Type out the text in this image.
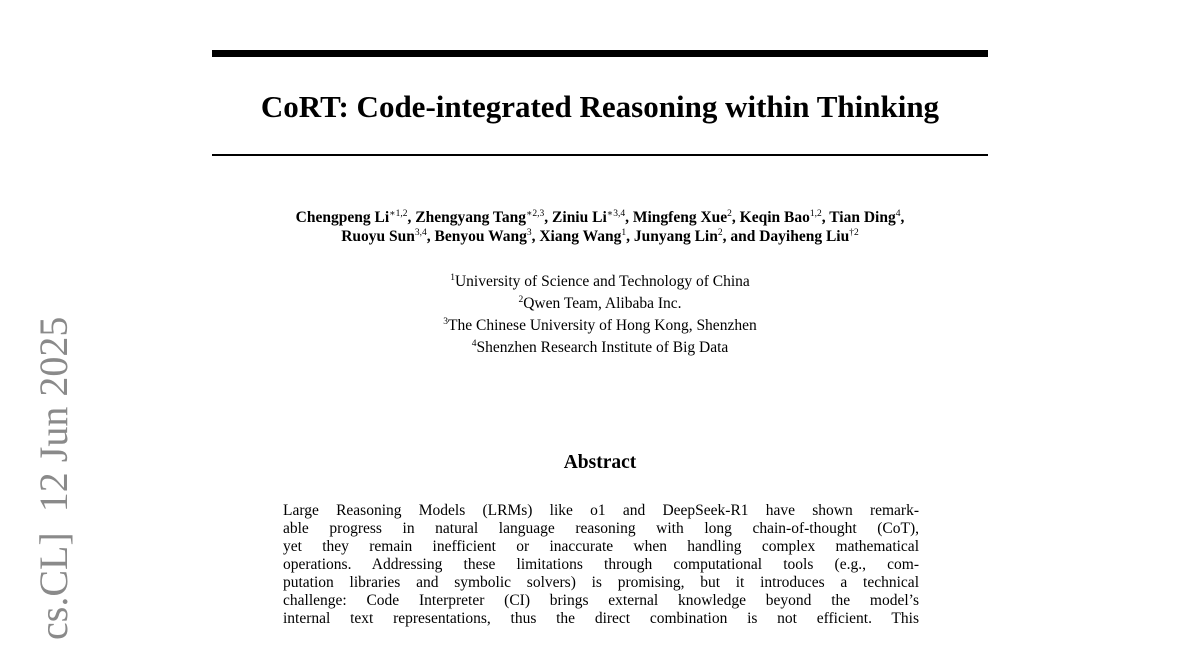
CoRT: Code-integrated Reasoning within Thinking
Chengpeng $Li^{∗1,2}$, Zhengyang Tang$^{∗2,3}$, Ziniu $Li^{∗3,4}$, Mingfeng Xue$^2$, Keqin Bao$^{1,2}$, Tian Ding$^4$,
Ruoyu Sun$^{3,4}$, Benyou Wang$^3$, Xiang Wang$^1$, Junyang Lin$^2$, and Dayiheng Liu$^{\dagger 2}$
$^1$University of Science and Technology of China
$^2$Qwen Team, Alibaba Inc.
$^3$The Chinese University of Hong Kong, Shenzhen
$^4$Shenzhen Research Institute of Big Data
Abstract
Large Reasoning Models (LRMs) like o1 and DeepSeek-R1 have shown remark-
able progress in natural language reasoning with long chain-of-thought (CoT),
yet they remain inefficient or inaccurate when handling complex mathematical
operations. Addressing these limitations through computational tools (e.g., com-
putation libraries and symbolic solvers) is promising, but it introduces a technical
challenge: Code Interpreter (CI) brings external knowledge beyond the model’s
internal text representations, thus the direct combination is not efficient. This
cs.CL]12 Jun 2025
